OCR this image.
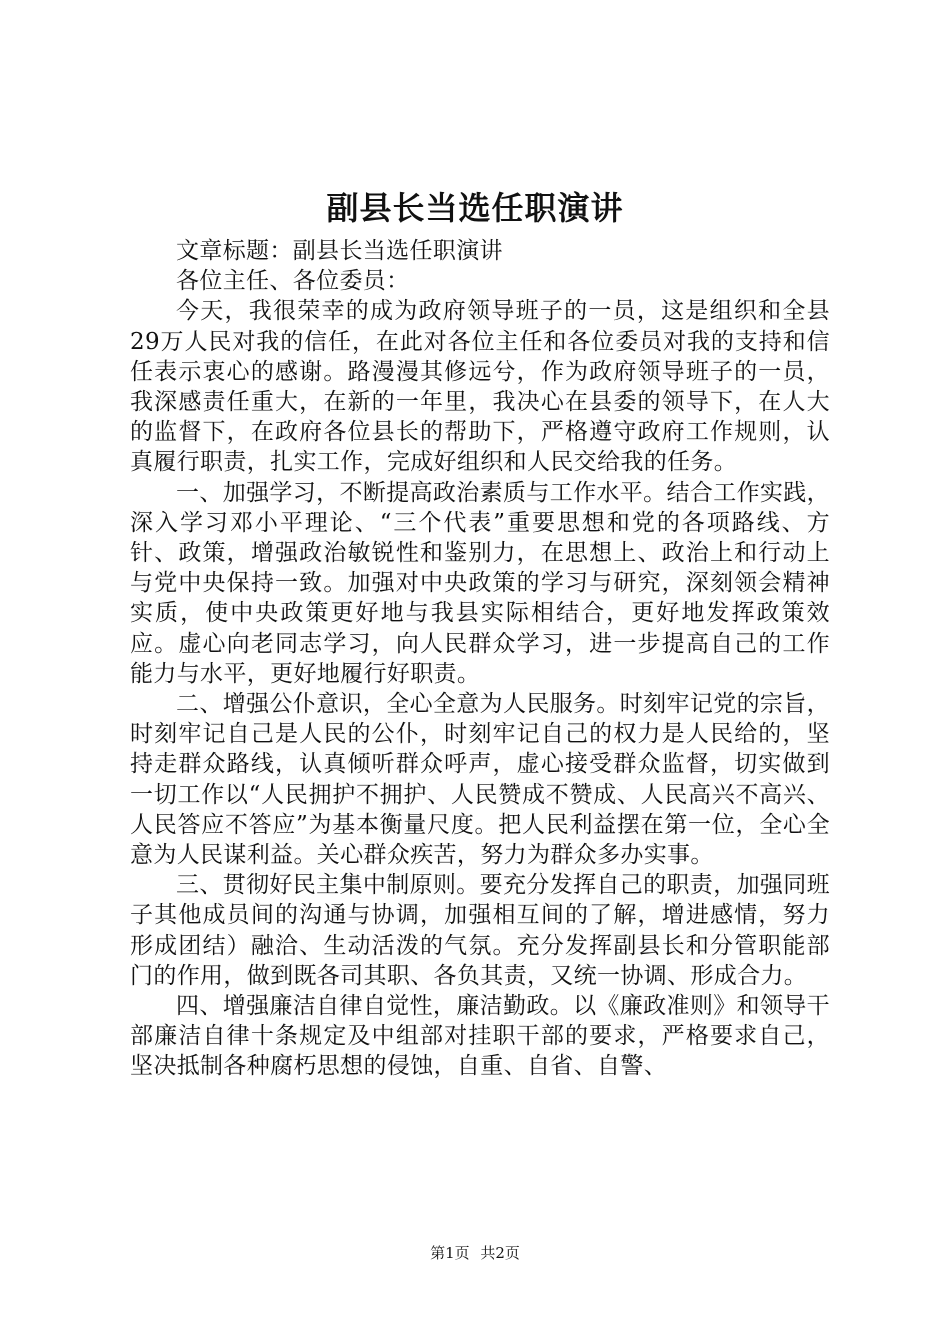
副县长当选任职演讲

文章标题：副县长当选任职演讲

各位主任、各位委员：

今天，我很荣幸的成为政府领导班子的一员，这是组织和全县29万人民对我的信任，在此对各位主任和各位委员对我的支持和信任表示衷心的感谢。路漫漫其修远兮，作为政府领导班子的一员，我深感责任重大，在新的一年里，我决心在县委的领导下，在人大的监督下，在政府各位县长的帮助下，严格遵守政府工作规则，认真履行职责，扎实工作，完成好组织和人民交给我的任务。

一、加强学习，不断提高政治素质与工作水平。结合工作实践，深入学习邓小平理论、“三个代表”重要思想和党的各项路线、方针、政策，增强政治敏锐性和鉴别力，在思想上、政治上和行动上与党中央保持一致。加强对中央政策的学习与研究，深刻领会精神实质，使中央政策更好地与我县实际相结合，更好地发挥政策效应。虚心向老同志学习，向人民群众学习，进一步提高自己的工作能力与水平，更好地履行好职责。

二、增强公仆意识，全心全意为人民服务。时刻牢记党的宗旨，时刻牢记自己是人民的公仆，时刻牢记自己的权力是人民给的，坚持走群众路线，认真倾听群众呼声，虚心接受群众监督，切实做到一切工作以“人民拥护不拥护、人民赞成不赞成、人民高兴不高兴、人民答应不答应”为基本衡量尺度。把人民利益摆在第一位，全心全意为人民谋利益。关心群众疾苦，努力为群众多办实事。

三、贯彻好民主集中制原则。要充分发挥自己的职责，加强同班子其他成员间的沟通与协调，加强相互间的了解，增进感情，努力形成团结）融洽、生动活泼的气氛。充分发挥副县长和分管职能部门的作用，做到既各司其职、各负其责，又统一协调、形成合力。

四、增强廉洁自律自觉性，廉洁勤政。以《廉政准则》和领导干部廉洁自律十条规定及中组部对挂职干部的要求，严格要求自己，坚决抵制各种腐朽思想的侵蚀，自重、自省、自警、

第1页 共2页
